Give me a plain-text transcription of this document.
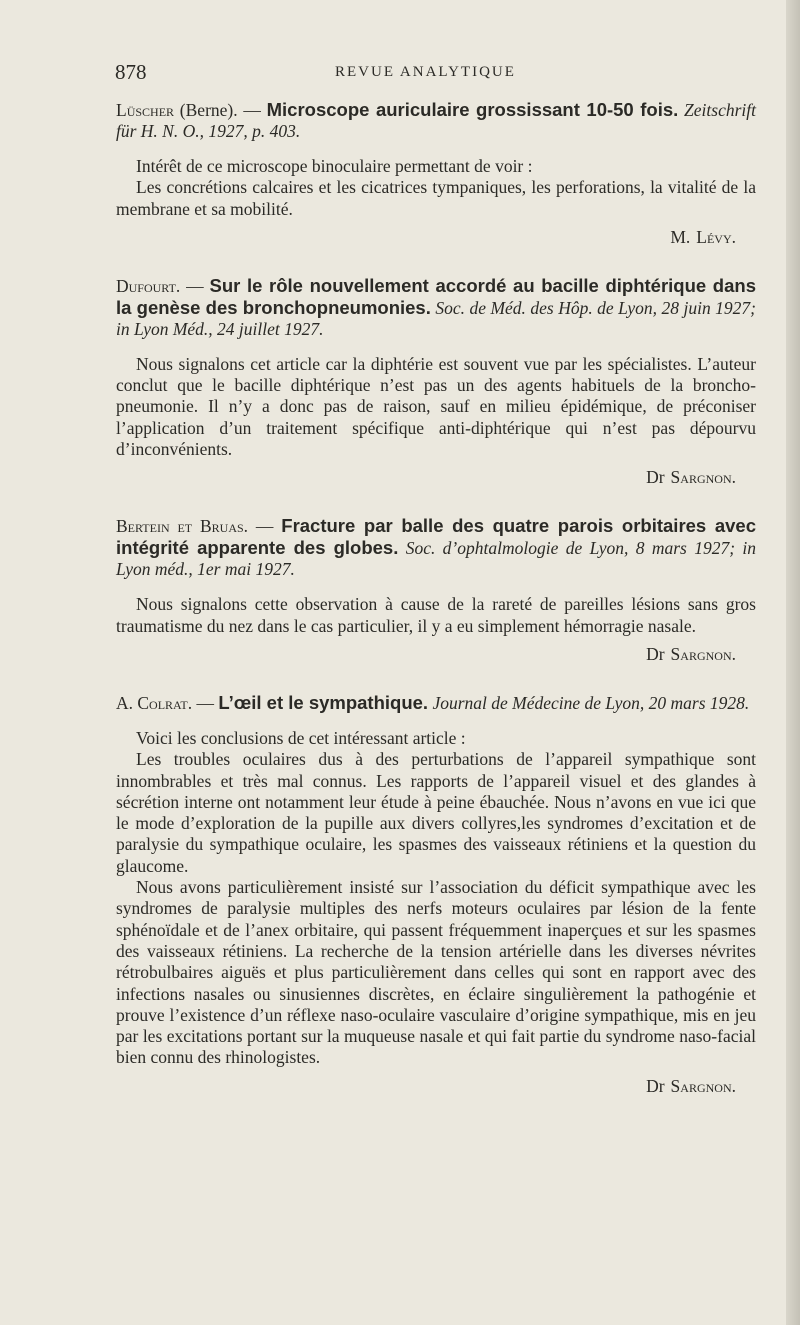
878	REVUE ANALYTIQUE

Lüscher (Berne). — Microscope auriculaire grossissant 10-50 fois. Zeitschrift für H. N. O., 1927, p. 403.

Intérêt de ce microscope binoculaire permettant de voir :

Les concrétions calcaires et les cicatrices tympaniques, les perforations, la vitalité de la membrane et sa mobilité.

M. Lévy.

Dufourt. — Sur le rôle nouvellement accordé au bacille diphtérique dans la genèse des bronchopneumonies. Soc. de Méd. des Hôp. de Lyon, 28 juin 1927; in Lyon Méd., 24 juillet 1927.

Nous signalons cet article car la diphtérie est souvent vue par les spécialistes. L’auteur conclut que le bacille diphtérique n’est pas un des agents habituels de la broncho-pneumonie. Il n’y a donc pas de raison, sauf en milieu épidémique, de préconiser l’application d’un traitement spécifique anti-diphtérique qui n’est pas dépourvu d’inconvénients.

Dr Sargnon.

Bertein et Bruas. — Fracture par balle des quatre parois orbitaires avec intégrité apparente des globes. Soc. d’ophtalmologie de Lyon, 8 mars 1927; in Lyon méd., 1er mai 1927.

Nous signalons cette observation à cause de la rareté de pareilles lésions sans gros traumatisme du nez dans le cas particulier, il y a eu simplement hémorragie nasale.

Dr Sargnon.

A. Colrat. — L’œil et le sympathique. Journal de Médecine de Lyon, 20 mars 1928.

Voici les conclusions de cet intéressant article :

Les troubles oculaires dus à des perturbations de l’appareil sympathique sont innombrables et très mal connus. Les rapports de l’appareil visuel et des glandes à sécrétion interne ont notamment leur étude à peine ébauchée. Nous n’avons en vue ici que le mode d’exploration de la pupille aux divers collyres,les syndromes d’excitation et de paralysie du sympathique oculaire, les spasmes des vaisseaux rétiniens et la question du glaucome.

Nous avons particulièrement insisté sur l’association du déficit sympathique avec les syndromes de paralysie multiples des nerfs moteurs oculaires par lésion de la fente sphénoïdale et de l’anex orbitaire, qui passent fréquemment inaperçues et sur les spasmes des vaisseaux rétiniens. La recherche de la tension artérielle dans les diverses névrites rétrobulbaires aiguës et plus particulièrement dans celles qui sont en rapport avec des infections nasales ou sinusiennes discrètes, en éclaire singulièrement la pathogénie et prouve l’existence d’un réflexe naso-oculaire vasculaire d’origine sympathique, mis en jeu par les excitations portant sur la muqueuse nasale et qui fait partie du syndrome naso-facial bien connu des rhinologistes.

Dr Sargnon.
